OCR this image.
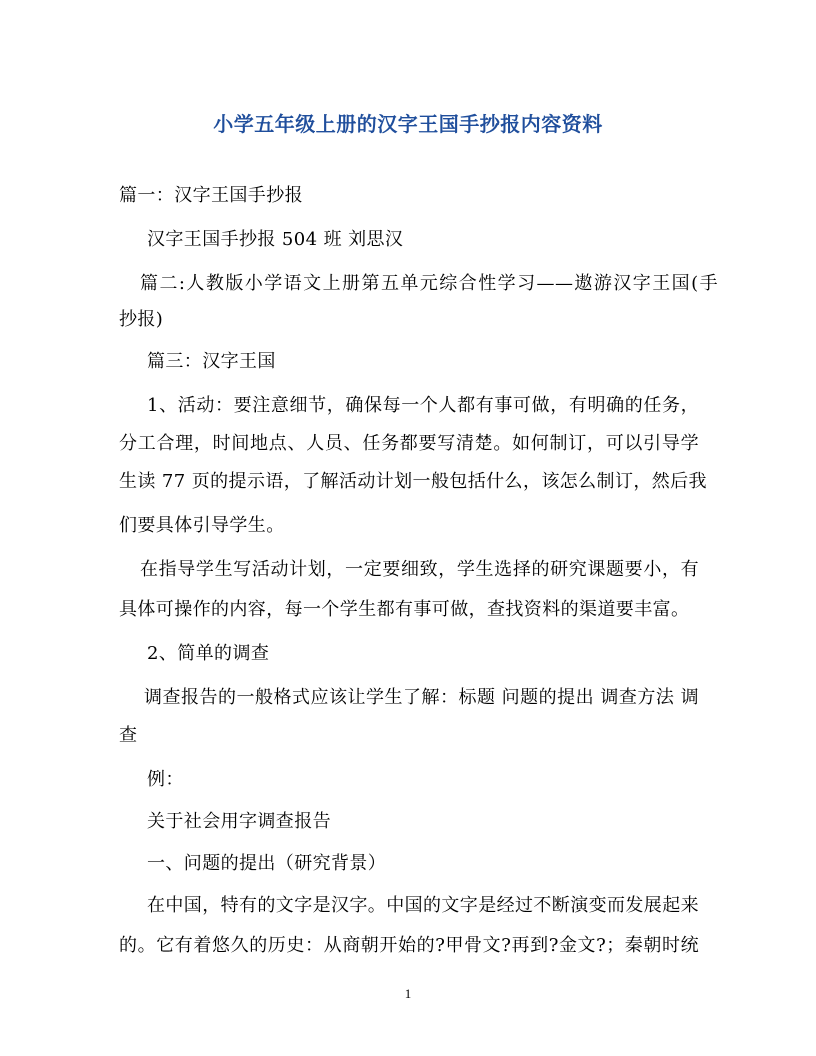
小学五年级上册的汉字王国手抄报内容资料
篇一：汉字王国手抄报
汉字王国手抄报 504 班 刘思汉
篇二:人教版小学语文上册第五单元综合性学习——遨游汉字王国(手
抄报)
篇三：汉字王国
1、活动：要注意细节，确保每一个人都有事可做，有明确的任务，
分工合理，时间地点、人员、任务都要写清楚。如何制订，可以引导学
生读 77 页的提示语，了解活动计划一般包括什么，该怎么制订，然后我
们要具体引导学生。
在指导学生写活动计划，一定要细致，学生选择的研究课题要小，有
具体可操作的内容，每一个学生都有事可做，查找资料的渠道要丰富。
2、简单的调查
调查报告的一般格式应该让学生了解：标题 问题的提出 调查方法 调
查
例：
关于社会用字调查报告
一、问题的提出（研究背景）
在中国，特有的文字是汉字。中国的文字是经过不断演变而发展起来
的。它有着悠久的历史：从商朝开始的?甲骨文?再到?金文?；秦朝时统
1
